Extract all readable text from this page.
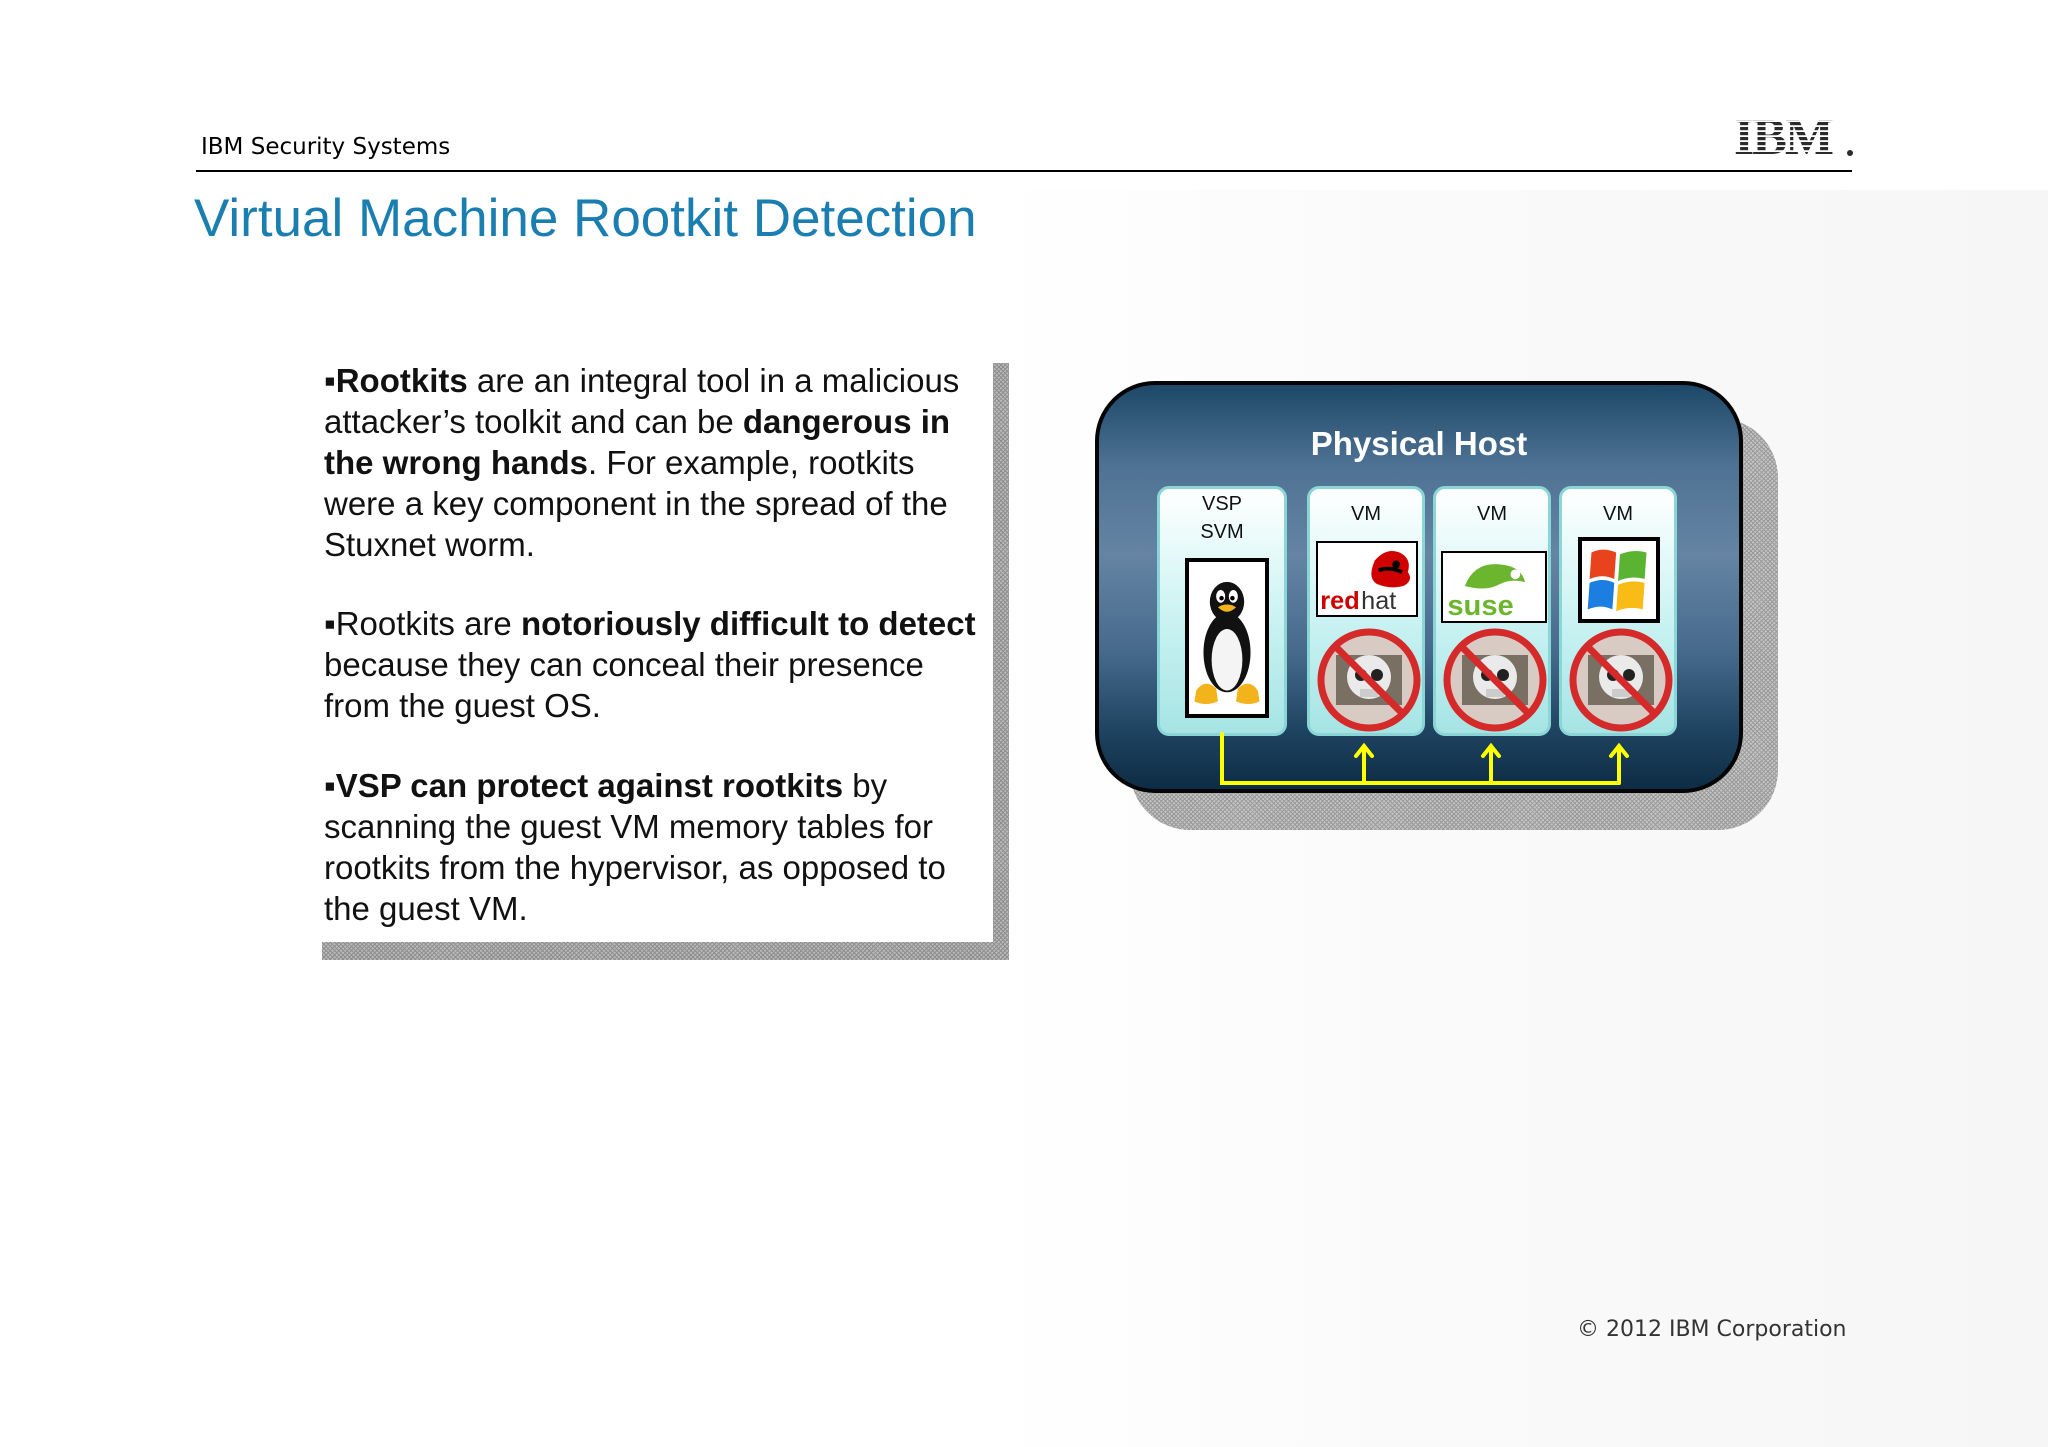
IBM Security Systems	IBM
Virtual Machine Rootkit Detection
▪Rootkits are an integral tool in a malicious attacker’s toolkit and can be dangerous in the wrong hands. For example, rootkits were a key component in the spread of the Stuxnet worm.
▪Rootkits are notoriously difficult to detect because they can conceal their presence from the guest OS.
▪VSP can protect against rootkits by scanning the guest VM memory tables for rootkits from the hypervisor, as opposed to the guest VM.
Physical Host
VSP
SVM
VM
red hat
VM
suse
VM
© 2012 IBM Corporation
